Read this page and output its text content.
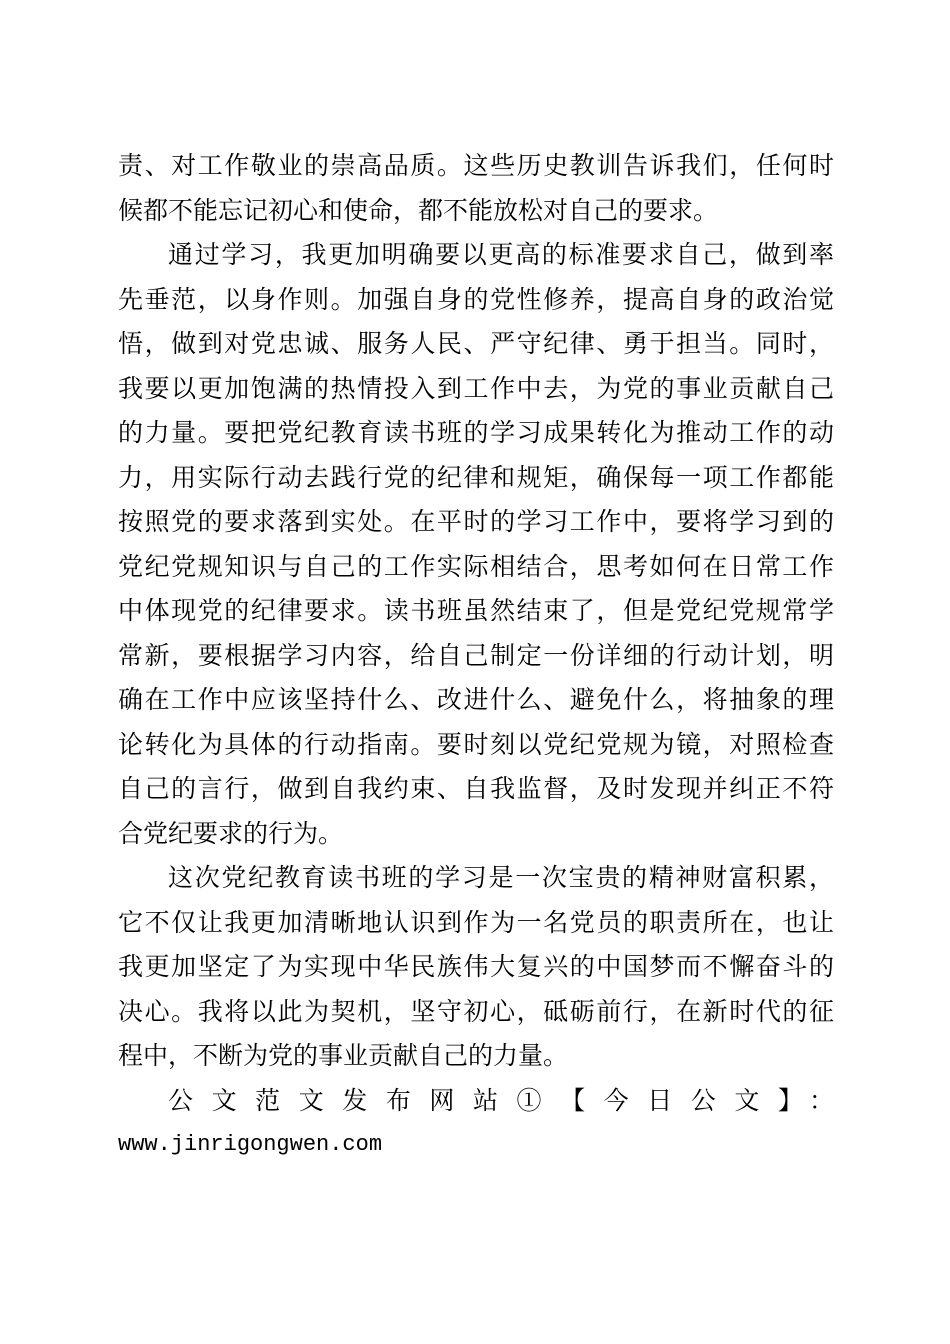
责、对工作敬业的崇高品质。这些历史教训告诉我们，任何时
候都不能忘记初心和使命，都不能放松对自己的要求。
通过学习，我更加明确要以更高的标准要求自己，做到率
先垂范，以身作则。加强自身的党性修养，提高自身的政治觉
悟，做到对党忠诚、服务人民、严守纪律、勇于担当。同时，
我要以更加饱满的热情投入到工作中去，为党的事业贡献自己
的力量。要把党纪教育读书班的学习成果转化为推动工作的动
力，用实际行动去践行党的纪律和规矩，确保每一项工作都能
按照党的要求落到实处。在平时的学习工作中，要将学习到的
党纪党规知识与自己的工作实际相结合，思考如何在日常工作
中体现党的纪律要求。读书班虽然结束了，但是党纪党规常学
常新，要根据学习内容，给自己制定一份详细的行动计划，明
确在工作中应该坚持什么、改进什么、避免什么，将抽象的理
论转化为具体的行动指南。要时刻以党纪党规为镜，对照检查
自己的言行，做到自我约束、自我监督，及时发现并纠正不符
合党纪要求的行为。
这次党纪教育读书班的学习是一次宝贵的精神财富积累，
它不仅让我更加清晰地认识到作为一名党员的职责所在，也让
我更加坚定了为实现中华民族伟大复兴的中国梦而不懈奋斗的
决心。我将以此为契机，坚守初心，砥砺前行，在新时代的征
程中，不断为党的事业贡献自己的力量。
公文范文发布网站①【今日公文】：
www.jinrigongwen.com
